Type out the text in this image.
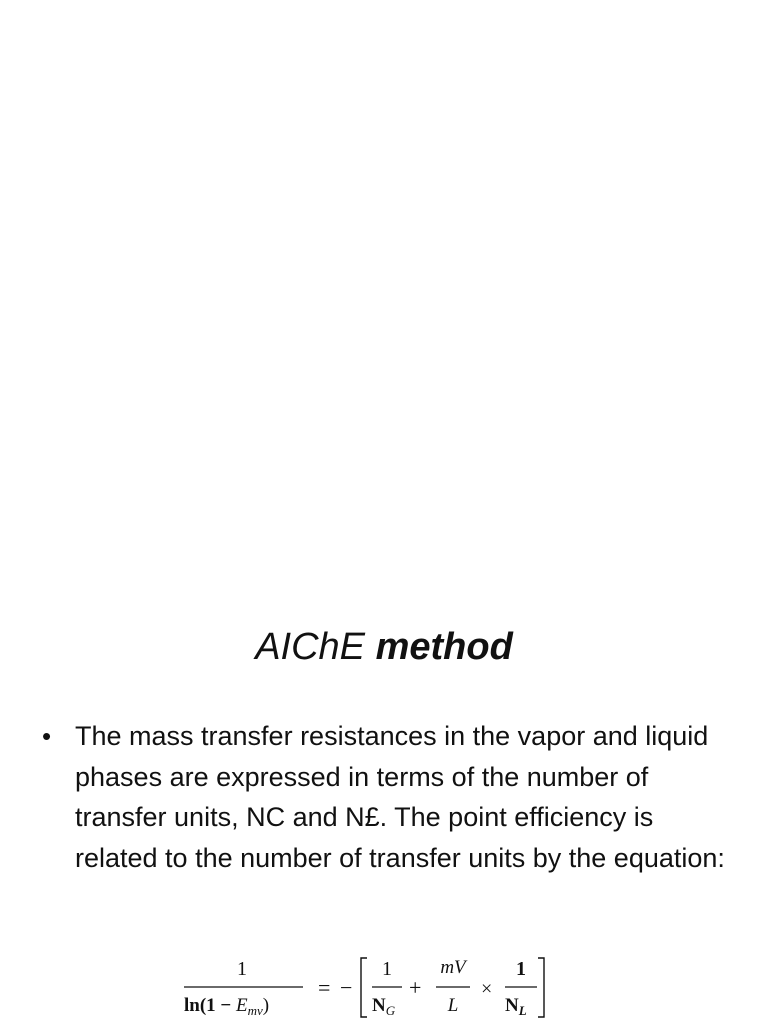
AIChE method
• The mass transfer resistances in the vapor and liquid phases are expressed in terms of the number of transfer units, NC and N£. The point efficiency is related to the number of transfer units by the equation:
1
$\ln(1 - E_{mv})$
= −
1
$N_G$
+
mV
L
×
1
$N_L$
